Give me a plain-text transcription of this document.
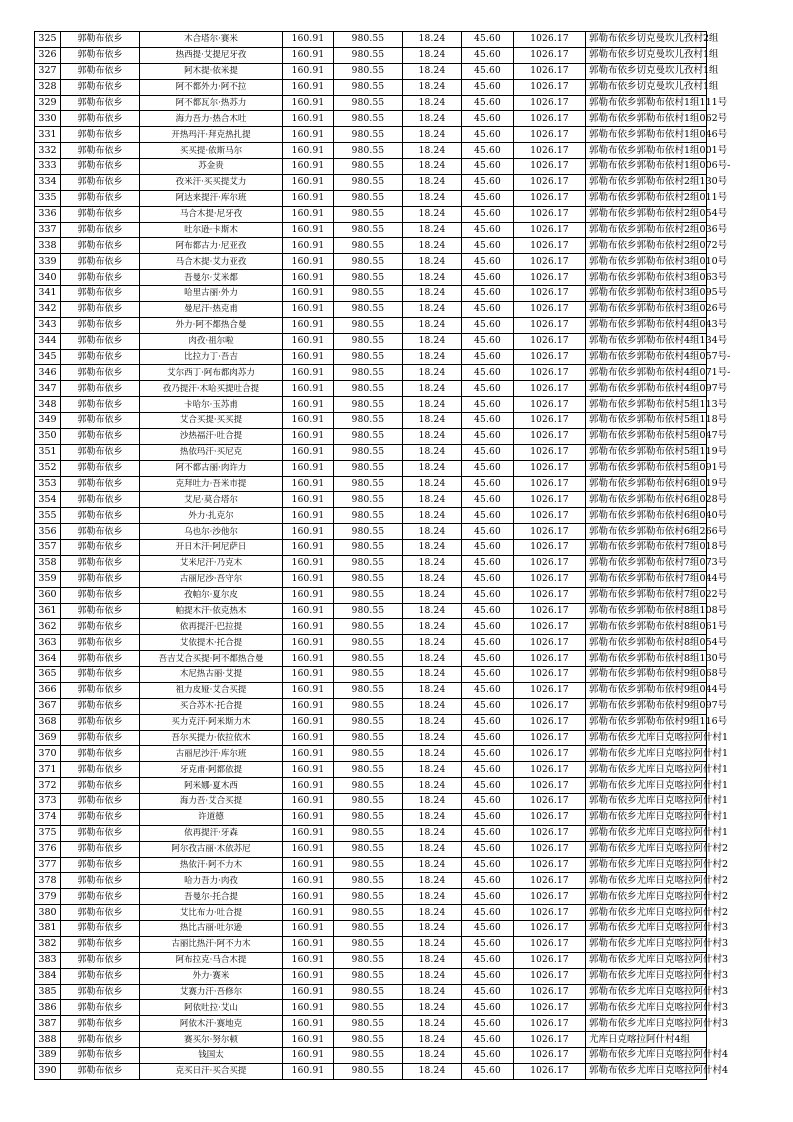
325	郭勒布依乡	木合塔尔·赛米	160.91	980.55	18.24	45.60	1026.17	郭勒布依乡切克曼坎儿孜村2组
326	郭勒布依乡	热西提·艾提尼牙孜	160.91	980.55	18.24	45.60	1026.17	郭勒布依乡切克曼坎儿孜村1组
327	郭勒布依乡	阿木提·依米提	160.91	980.55	18.24	45.60	1026.17	郭勒布依乡切克曼坎儿孜村1组
328	郭勒布依乡	阿不都外力·阿不拉	160.91	980.55	18.24	45.60	1026.17	郭勒布依乡切克曼坎儿孜村1组
329	郭勒布依乡	阿不都瓦尔·热苏力	160.91	980.55	18.24	45.60	1026.17	郭勒布依乡郭勒布依村1组111号
330	郭勒布依乡	海力吾力·热合木吐	160.91	980.55	18.24	45.60	1026.17	郭勒布依乡郭勒布依村1组062号
331	郭勒布依乡	开热玛汗·拜克热扎提	160.91	980.55	18.24	45.60	1026.17	郭勒布依乡郭勒布依村1组046号
332	郭勒布依乡	买买提·依斯马尔	160.91	980.55	18.24	45.60	1026.17	郭勒布依乡郭勒布依村1组001号
333	郭勒布依乡	苏金贵	160.91	980.55	18.24	45.60	1026.17	郭勒布依乡郭勒布依村1组006号-
334	郭勒布依乡	孜米汗·买买提艾力	160.91	980.55	18.24	45.60	1026.17	郭勒布依乡郭勒布依村2组130号
335	郭勒布依乡	阿达来提汗·库尔班	160.91	980.55	18.24	45.60	1026.17	郭勒布依乡郭勒布依村2组011号
336	郭勒布依乡	马合木提·尼牙孜	160.91	980.55	18.24	45.60	1026.17	郭勒布依乡郭勒布依村2组054号
337	郭勒布依乡	吐尔逊·卡斯木	160.91	980.55	18.24	45.60	1026.17	郭勒布依乡郭勒布依村2组036号
338	郭勒布依乡	阿布都古力·尼亚孜	160.91	980.55	18.24	45.60	1026.17	郭勒布依乡郭勒布依村2组072号
339	郭勒布依乡	马合木提·艾力亚孜	160.91	980.55	18.24	45.60	1026.17	郭勒布依乡郭勒布依村3组010号
340	郭勒布依乡	吾曼尔·艾米都	160.91	980.55	18.24	45.60	1026.17	郭勒布依乡郭勒布依村3组063号
341	郭勒布依乡	哈里古丽·外力	160.91	980.55	18.24	45.60	1026.17	郭勒布依乡郭勒布依村3组095号
342	郭勒布依乡	曼尼汗·热克甫	160.91	980.55	18.24	45.60	1026.17	郭勒布依乡郭勒布依村3组026号
343	郭勒布依乡	外力·阿不都热合曼	160.91	980.55	18.24	45.60	1026.17	郭勒布依乡郭勒布依村4组043号
344	郭勒布依乡	肉孜·祖尔啦	160.91	980.55	18.24	45.60	1026.17	郭勒布依乡郭勒布依村4组134号
345	郭勒布依乡	比拉力丁·吾吉	160.91	980.55	18.24	45.60	1026.17	郭勒布依乡郭勒布依村4组057号-
346	郭勒布依乡	艾尔西丁·阿布都肉苏力	160.91	980.55	18.24	45.60	1026.17	郭勒布依乡郭勒布依村4组071号-
347	郭勒布依乡	孜乃提汗·木哈买提吐合提	160.91	980.55	18.24	45.60	1026.17	郭勒布依乡郭勒布依村4组097号
348	郭勒布依乡	卡哈尔·玉苏甫	160.91	980.55	18.24	45.60	1026.17	郭勒布依乡郭勒布依村5组113号
349	郭勒布依乡	艾合买提·买买提	160.91	980.55	18.24	45.60	1026.17	郭勒布依乡郭勒布依村5组118号
350	郭勒布依乡	沙热福汗·吐合提	160.91	980.55	18.24	45.60	1026.17	郭勒布依乡郭勒布依村5组047号
351	郭勒布依乡	热依玛汗·买尼克	160.91	980.55	18.24	45.60	1026.17	郭勒布依乡郭勒布依村5组119号
352	郭勒布依乡	阿不都古丽·肉许力	160.91	980.55	18.24	45.60	1026.17	郭勒布依乡郭勒布依村5组091号
353	郭勒布依乡	克拜吐力·吾米市提	160.91	980.55	18.24	45.60	1026.17	郭勒布依乡郭勒布依村6组019号
354	郭勒布依乡	艾尼·莫合塔尔	160.91	980.55	18.24	45.60	1026.17	郭勒布依乡郭勒布依村6组028号
355	郭勒布依乡	外力·扎克尔	160.91	980.55	18.24	45.60	1026.17	郭勒布依乡郭勒布依村6组040号
356	郭勒布依乡	乌也尔·沙他尔	160.91	980.55	18.24	45.60	1026.17	郭勒布依乡郭勒布依村6组266号
357	郭勒布依乡	开日木汗·阿尼萨日	160.91	980.55	18.24	45.60	1026.17	郭勒布依乡郭勒布依村7组018号
358	郭勒布依乡	艾米尼汗·乃克木	160.91	980.55	18.24	45.60	1026.17	郭勒布依乡郭勒布依村7组073号
359	郭勒布依乡	古丽尼沙·吾守尔	160.91	980.55	18.24	45.60	1026.17	郭勒布依乡郭勒布依村7组044号
360	郭勒布依乡	孜帕尔·夏尔皮	160.91	980.55	18.24	45.60	1026.17	郭勒布依乡郭勒布依村7组022号
361	郭勒布依乡	帕提木汗·依克热木	160.91	980.55	18.24	45.60	1026.17	郭勒布依乡郭勒布依村8组108号
362	郭勒布依乡	依再提汗·巴拉提	160.91	980.55	18.24	45.60	1026.17	郭勒布依乡郭勒布依村8组061号
363	郭勒布依乡	艾依提木·托合提	160.91	980.55	18.24	45.60	1026.17	郭勒布依乡郭勒布依村8组054号
364	郭勒布依乡	吾吉艾合买提·阿不都热合曼	160.91	980.55	18.24	45.60	1026.17	郭勒布依乡郭勒布依村8组130号
365	郭勒布依乡	木尼热古丽·艾提	160.91	980.55	18.24	45.60	1026.17	郭勒布依乡郭勒布依村9组068号
366	郭勒布依乡	祖力皮娅·艾合买提	160.91	980.55	18.24	45.60	1026.17	郭勒布依乡郭勒布依村9组044号
367	郭勒布依乡	买合苏木·托合提	160.91	980.55	18.24	45.60	1026.17	郭勒布依乡郭勒布依村9组097号
368	郭勒布依乡	买力克汗·阿米斯力木	160.91	980.55	18.24	45.60	1026.17	郭勒布依乡郭勒布依村9组116号
369	郭勒布依乡	吾尔买提力·依拉依木	160.91	980.55	18.24	45.60	1026.17	郭勒布依乡尤库日克喀拉阿什村1
370	郭勒布依乡	古丽尼沙汗·库尔班	160.91	980.55	18.24	45.60	1026.17	郭勒布依乡尤库日克喀拉阿什村1
371	郭勒布依乡	牙克甫·阿都依提	160.91	980.55	18.24	45.60	1026.17	郭勒布依乡尤库日克喀拉阿什村1
372	郭勒布依乡	阿米娜·夏木西	160.91	980.55	18.24	45.60	1026.17	郭勒布依乡尤库日克喀拉阿什村1
373	郭勒布依乡	海力吾·艾合买提	160.91	980.55	18.24	45.60	1026.17	郭勒布依乡尤库日克喀拉阿什村1
374	郭勒布依乡	许道德	160.91	980.55	18.24	45.60	1026.17	郭勒布依乡尤库日克喀拉阿什村1
375	郭勒布依乡	依再提汗·牙森	160.91	980.55	18.24	45.60	1026.17	郭勒布依乡尤库日克喀拉阿什村1
376	郭勒布依乡	阿尔孜古丽·木依苏尼	160.91	980.55	18.24	45.60	1026.17	郭勒布依乡尤库日克喀拉阿什村2
377	郭勒布依乡	热依汗·阿不力木	160.91	980.55	18.24	45.60	1026.17	郭勒布依乡尤库日克喀拉阿什村2
378	郭勒布依乡	哈力吾力·肉孜	160.91	980.55	18.24	45.60	1026.17	郭勒布依乡尤库日克喀拉阿什村2
379	郭勒布依乡	吾曼尔·托合提	160.91	980.55	18.24	45.60	1026.17	郭勒布依乡尤库日克喀拉阿什村2
380	郭勒布依乡	艾比布力·吐合提	160.91	980.55	18.24	45.60	1026.17	郭勒布依乡尤库日克喀拉阿什村2
381	郭勒布依乡	热比古丽·吐尔逊	160.91	980.55	18.24	45.60	1026.17	郭勒布依乡尤库日克喀拉阿什村3
382	郭勒布依乡	古丽比热汗·阿不力木	160.91	980.55	18.24	45.60	1026.17	郭勒布依乡尤库日克喀拉阿什村3
383	郭勒布依乡	阿布拉克·马合木提	160.91	980.55	18.24	45.60	1026.17	郭勒布依乡尤库日克喀拉阿什村3
384	郭勒布依乡	外力·赛米	160.91	980.55	18.24	45.60	1026.17	郭勒布依乡尤库日克喀拉阿什村3
385	郭勒布依乡	艾赛力汗·吾修尔	160.91	980.55	18.24	45.60	1026.17	郭勒布依乡尤库日克喀拉阿什村3
386	郭勒布依乡	阿依吐拉·艾山	160.91	980.55	18.24	45.60	1026.17	郭勒布依乡尤库日克喀拉阿什村3
387	郭勒布依乡	阿依木汗·赛地克	160.91	980.55	18.24	45.60	1026.17	郭勒布依乡尤库日克喀拉阿什村3
388	郭勒布依乡	赛买尔·努尔顿	160.91	980.55	18.24	45.60	1026.17	尤库日克喀拉阿什村4组
389	郭勒布依乡	钱国太	160.91	980.55	18.24	45.60	1026.17	郭勒布依乡尤库日克喀拉阿什村4
390	郭勒布依乡	克买日汗·买合买提	160.91	980.55	18.24	45.60	1026.17	郭勒布依乡尤库日克喀拉阿什村4
